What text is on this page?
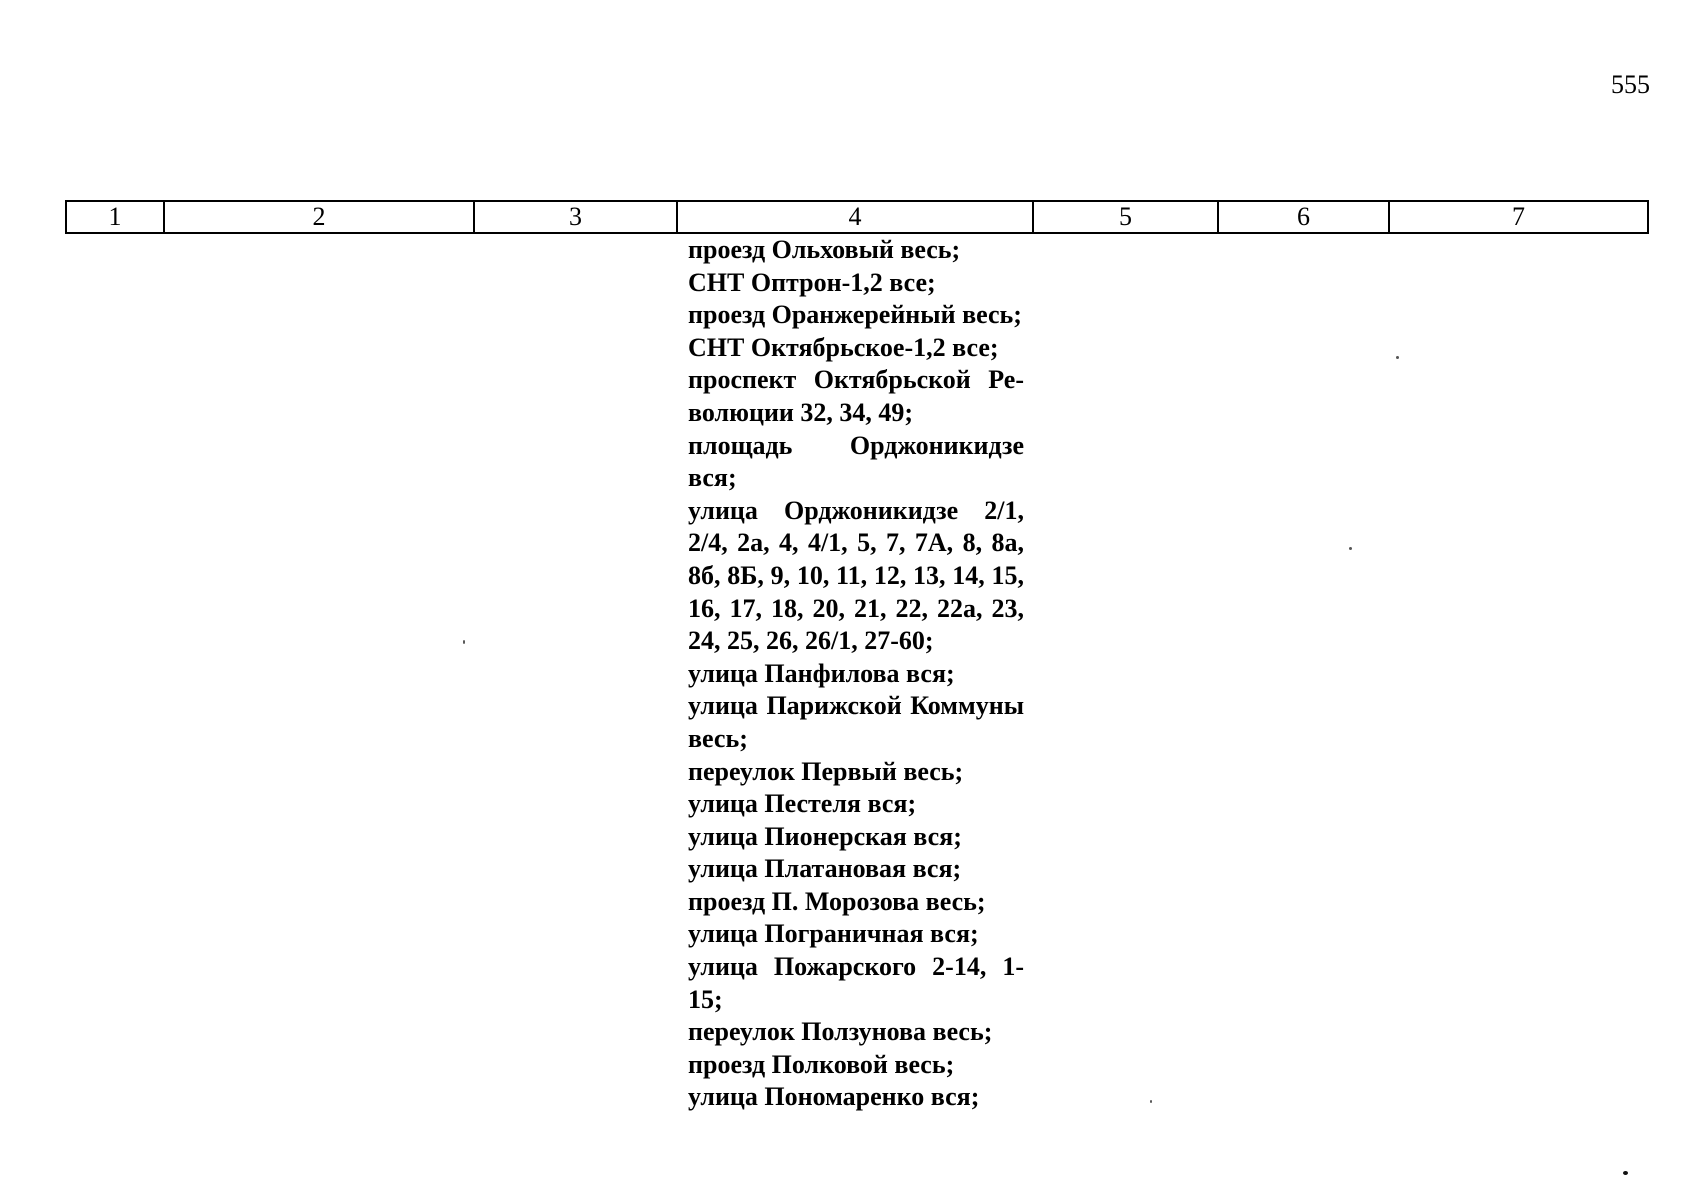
555
1	2	3	4	5	6	7
проезд Ольховый весь;
СНТ Оптрон-1,2 все;
проезд Оранжерейный весь;
СНТ Октябрьское-1,2 все;
проспект Октябрьской Революции 32, 34, 49;
площадь Орджоникидзе вся;
улица Орджоникидзе 2/1, 2/4, 2а, 4, 4/1, 5, 7, 7А, 8, 8а, 8б, 8Б, 9, 10, 11, 12, 13, 14, 15, 16, 17, 18, 20, 21, 22, 22а, 23, 24, 25, 26, 26/1, 27-60;
улица Панфилова вся;
улица Парижской Коммуны весь;
переулок Первый весь;
улица Пестеля вся;
улица Пионерская вся;
улица Платановая вся;
проезд П. Морозова весь;
улица Пограничная вся;
улица Пожарского 2-14, 1-15;
переулок Ползунова весь;
проезд Полковой весь;
улица Пономаренко вся;
